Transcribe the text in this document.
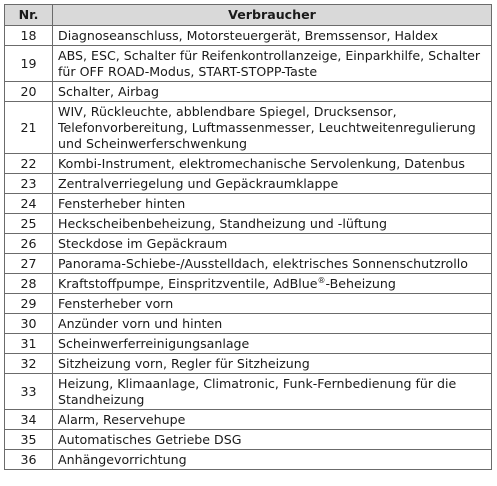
Nr.	Verbraucher
18	Diagnoseanschluss, Motorsteuergerät, Bremssensor, Haldex
19	ABS, ESC, Schalter für Reifenkontrollanzeige, Einparkhilfe, Schalter für OFF ROAD-Modus, START-STOPP-Taste
20	Schalter, Airbag
21	WIV, Rückleuchte, abblendbare Spiegel, Drucksensor, Telefonvorbereitung, Luftmassenmesser, Leuchtweitenregulierung und Scheinwerferschwenkung
22	Kombi-Instrument, elektromechanische Servolenkung, Datenbus
23	Zentralverriegelung und Gepäckraumklappe
24	Fensterheber hinten
25	Heckscheibenbeheizung, Standheizung und -lüftung
26	Steckdose im Gepäckraum
27	Panorama-Schiebe-/Ausstelldach, elektrisches Sonnenschutzrollo
28	Kraftstoffpumpe, Einspritzventile, AdBlue®-Beheizung
29	Fensterheber vorn
30	Anzünder vorn und hinten
31	Scheinwerferreinigungsanlage
32	Sitzheizung vorn, Regler für Sitzheizung
33	Heizung, Klimaanlage, Climatronic, Funk-Fernbedienung für die Standheizung
34	Alarm, Reservehupe
35	Automatisches Getriebe DSG
36	Anhängevorrichtung
